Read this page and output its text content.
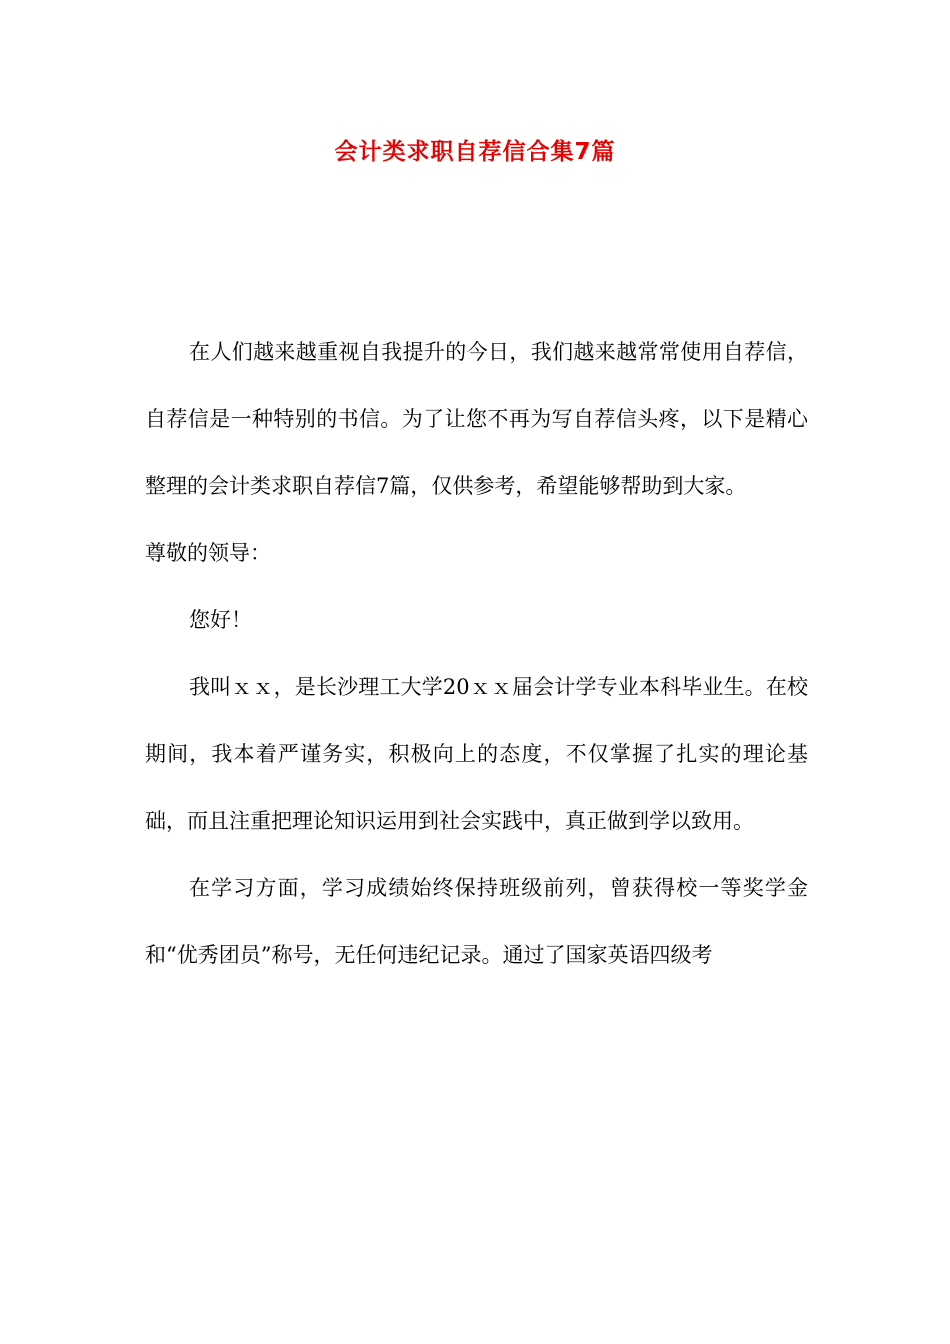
会计类求职自荐信合集7篇

在人们越来越重视自我提升的今日，我们越来越常常使用自荐信，自荐信是一种特别的书信。为了让您不再为写自荐信头疼，以下是精心整理的会计类求职自荐信7篇，仅供参考，希望能够帮助到大家。

尊敬的领导：

您好！

我叫ｘｘ，是长沙理工大学20ｘｘ届会计学专业本科毕业生。在校期间，我本着严谨务实，积极向上的态度，不仅掌握了扎实的理论基础，而且注重把理论知识运用到社会实践中，真正做到学以致用。

在学习方面，学习成绩始终保持班级前列，曾获得校一等奖学金和“优秀团员”称号，无任何违纪记录。通过了国家英语四级考
